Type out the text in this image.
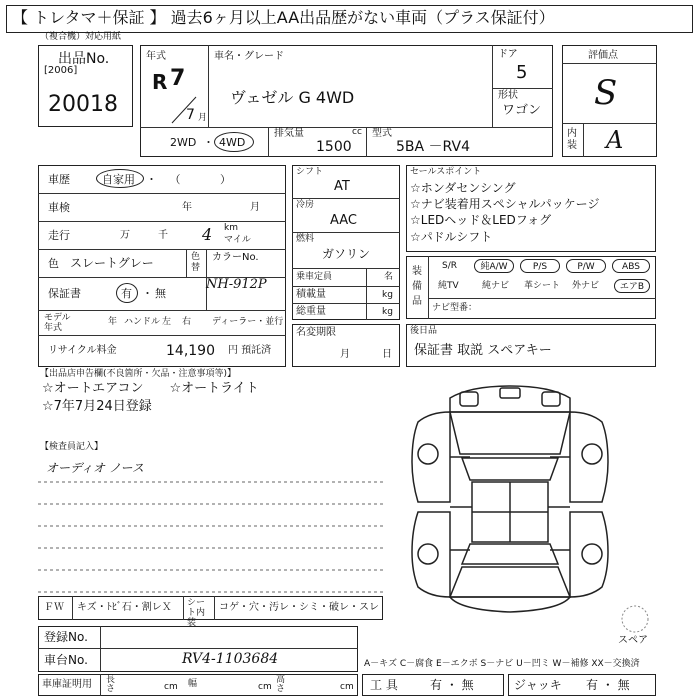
【 トレタマ＋保証 】 過去6ヶ月以上AA出品歴がない車両（プラス保証付）
（複合機）対応用紙
出品No.
[2006]
20018
年式
R 7
7 月
車名・グレード
ヴェゼル G 4WD
ドア
5
形状
ワゴン
2WD ・ 4WD
排気量	cc
1500
型式
5BA －RV4
評価点
S
内装 A
車歴	自家用 ・（ ）
車検	年	月
走行	万	千 4 km
マイル
色 スレートグレー	色替
カラーNo.
NH-912P
保証書	有 ・ 無
モデル年式
年 ハンドル 左 右 ディーラー・並行
リサイクル料金	14,190 円 預託済
シフト
AT
冷房
AAC
燃料
ガソリン
乗車定員	名
積載量	kg
総重量	kg
名変期限
月	日
セールスポイント
☆ホンダセンシング
☆ナビ装着用スペシャルパッケージ
☆LEDヘッド＆LEDフォグ
☆パドルシフト
装備品
S/R	純A/W	P/S	P/W	ABS
純TV	純ナビ 革シート 外ナビ	エアB
ナビ型番：
後日品
保証書 取説 スペアキー
【出品店申告欄(不良箇所・欠品・注意事項等)】
☆オートエアコン　　☆オートライト
☆7年7月24日登録
【検査員記入】
オーディオ ノース
スペア
ＦＷ キズ・ﾄﾋﾞ石・割レＸ シート内装
コゲ・穴・汚レ・シミ・破レ・スレ
登録No.
車台No.	RV4-1103684	A－キズ C－腐食 E－エクボ S－ナビ U－凹ミ W－補修 XX－交換済
車庫証明用 長さ	cm 幅	cm
高さ	cm 工 具	有 ・ 無	ジャッキ 有 ・ 無
